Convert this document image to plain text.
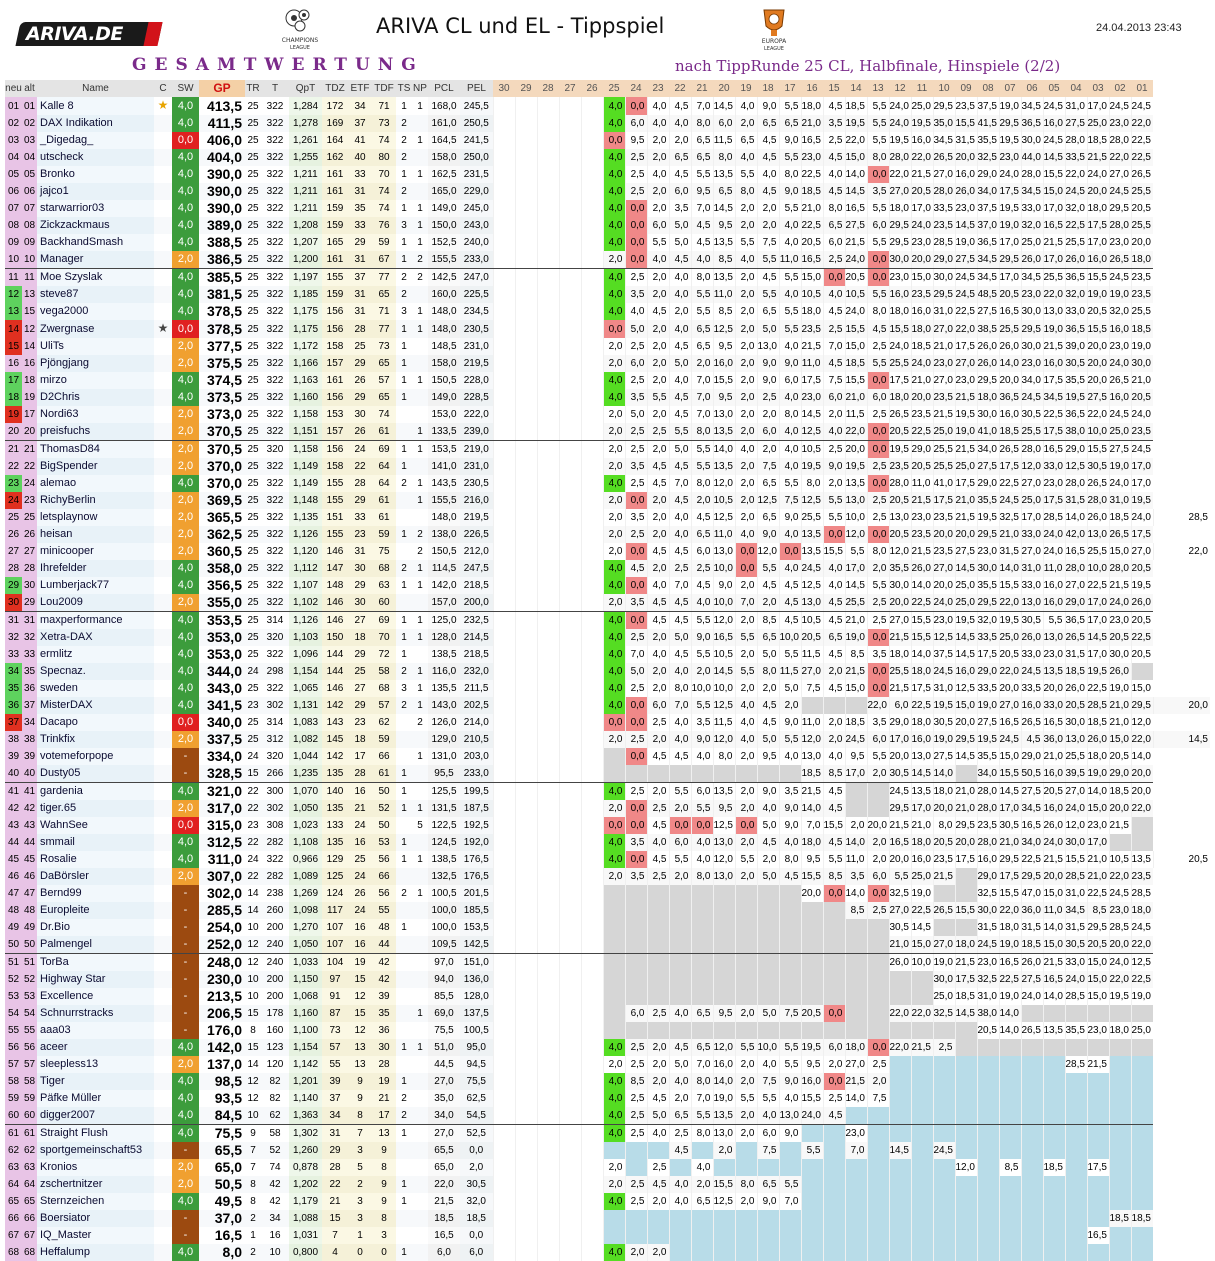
ARIVA.DE	CHAMPIONS
LEAGUE
ARIVA CL und EL - Tippspiel
EUROPA
LEAGUE
24.04.2013 23:43
GESAMTWERTUNG	nach TippRunde 25 CL, Halbfinale, Hinspiele (2/2)
neu	alt	Name	C	SW	GP	TR	T	QpT	TDZ	ETF	TDF	TS	NP	PCL	PEL	30	29	28	27	26	25	24	23	22	21	20	19	18	17	16	15	14	13	12	11	10	09	08	07	06	05	04	03	02	01	
01	01	Kalle 8	★	4,0	413,5	25	322	1,284	172	34	71	1	1	168,0	245,5						4,0	0,0	4,0	4,5	7,0	14,5	4,0	9,0	5,5	18,0	4,5	18,5	5,5	24,0	25,0	29,5	23,5	37,5	19,0	34,5	24,5	31,0	17,0	24,5	24,5	
02	02	DAX Indikation		4,0	411,5	25	322	1,278	169	37	73	2		161,0	250,5						4,0	6,0	4,0	4,0	8,0	6,0	2,0	6,5	6,5	21,0	3,5	19,5	5,5	24,0	19,5	35,0	15,5	41,5	29,5	36,5	16,0	27,5	25,0	23,0	22,0	
03	03	_Digedag_		0,0	406,0	25	322	1,261	164	41	74	2	1	164,5	241,5						0,0	9,5	2,0	2,0	6,5	11,5	6,5	4,5	9,0	16,5	2,5	22,0	5,5	19,5	16,0	34,5	31,5	35,5	19,5	30,0	24,5	28,0	18,5	28,0	22,5	
04	04	utscheck		4,0	404,0	25	322	1,255	162	40	80	2		158,0	250,0						4,0	2,5	2,0	6,5	6,5	8,0	4,0	4,5	5,5	23,0	4,5	15,0	8,0	28,0	22,0	26,5	20,0	32,5	23,0	44,0	14,5	33,5	21,5	22,0	22,5	
05	05	Bronko		4,0	390,0	25	322	1,211	161	33	70	1	1	162,5	231,5						4,0	2,5	4,0	4,5	5,5	13,5	5,5	4,0	8,0	22,5	4,0	14,0	0,0	22,0	21,5	27,0	16,0	29,0	24,0	28,0	15,5	22,0	24,0	27,0	26,5	
06	06	jajco1		4,0	390,0	25	322	1,211	161	31	74	2		165,0	229,0						4,0	2,5	2,0	6,0	9,5	6,5	8,0	4,5	9,0	18,5	4,5	14,5	3,5	27,0	20,5	28,0	26,0	34,0	17,5	34,5	15,0	24,5	20,0	24,5	25,5	
07	07	starwarrior03		4,0	390,0	25	322	1,211	159	35	74	1	1	149,0	245,0						4,0	0,0	2,0	3,5	7,0	14,5	2,0	2,0	5,5	21,0	8,0	16,5	5,5	18,0	17,0	33,5	23,0	37,5	19,5	33,0	17,0	32,0	18,0	29,5	20,5	
08	08	Zickzackmaus		4,0	389,0	25	322	1,208	159	33	76	3	1	150,0	243,0						4,0	0,0	6,0	5,0	4,5	9,5	2,0	2,0	4,0	22,5	6,5	27,5	6,0	29,5	24,0	23,5	14,5	37,0	19,0	32,0	16,5	22,5	17,5	28,0	25,5	
09	09	BackhandSmash		4,0	388,5	25	322	1,207	165	29	59	1	1	152,5	240,0						4,0	0,0	5,5	5,0	4,5	13,5	5,5	7,5	4,0	20,5	6,0	21,5	5,5	29,5	23,0	28,5	19,0	36,5	17,0	25,0	21,5	25,5	17,0	23,0	20,0	
10	10	Manager		2,0	386,5	25	322	1,200	161	31	67	1	2	155,5	233,0						2,0	0,0	4,0	4,5	4,0	8,5	4,0	5,5	11,0	16,5	2,5	24,0	0,0	30,0	20,0	29,0	27,5	34,5	29,5	26,0	17,0	26,0	16,0	26,5	18,0	
11	11	Moe Szyslak		4,0	385,5	25	322	1,197	155	37	77	2	2	142,5	247,0						4,0	2,5	2,0	4,0	8,0	13,5	2,0	4,5	5,5	15,0	0,0	20,5	0,0	23,0	15,0	30,0	24,5	34,5	17,0	34,5	25,5	36,5	15,5	24,5	23,5	
12	13	steve87		4,0	381,5	25	322	1,185	159	31	65	2		160,0	225,5						4,0	3,5	2,0	4,0	5,5	11,0	2,0	5,5	4,0	10,5	4,0	10,5	5,5	16,0	23,5	29,5	24,5	48,5	20,5	23,0	22,0	32,0	19,0	19,0	23,5	
13	15	vega2000		4,0	378,5	25	322	1,175	156	31	71	3	1	148,0	234,5						4,0	4,0	4,5	2,0	5,5	8,5	2,0	6,5	5,5	18,0	4,5	24,0	8,0	18,0	16,0	31,0	22,5	27,5	16,5	30,0	13,0	33,0	20,5	32,0	25,5	
14	12	Zwergnase	★	0,0	378,5	25	322	1,175	156	28	77	1	1	148,0	230,5						0,0	5,0	2,0	4,0	6,5	12,5	2,0	5,0	5,5	23,5	2,5	15,5	4,5	15,5	18,0	27,0	22,0	38,5	25,5	29,5	19,0	36,5	15,5	16,0	18,5	
15	14	UliTs		2,0	377,5	25	322	1,172	158	25	73	1		148,5	231,0						2,0	2,5	2,0	4,5	6,5	9,5	2,0	13,0	4,0	21,5	7,0	15,0	2,5	24,0	18,5	21,0	17,5	26,0	26,0	30,0	21,5	39,0	20,0	23,0	19,0	
16	16	Pjöngjang		2,0	375,5	25	322	1,166	157	29	65	1		158,0	219,5						2,0	6,0	2,0	5,0	2,0	16,0	2,0	9,0	9,0	11,0	4,5	18,5	5,5	25,5	24,0	23,0	27,0	26,0	14,0	23,0	16,0	30,5	20,0	24,0	30,0	
17	18	mirzo		4,0	374,5	25	322	1,163	161	26	57	1	1	150,5	228,0						4,0	2,5	2,0	4,0	7,0	15,5	2,0	9,0	6,0	17,5	7,5	15,5	0,0	17,5	21,0	27,0	23,0	29,5	20,0	34,0	17,5	35,5	20,0	26,5	21,0	
18	19	D2Chris		4,0	373,5	25	322	1,160	156	29	65	1		149,0	228,5						4,0	3,5	5,5	4,5	7,0	9,5	2,0	2,5	4,0	23,0	6,0	21,0	6,0	18,0	20,0	23,5	21,5	18,0	36,5	24,5	34,5	19,5	27,5	16,0	20,5	
19	17	Nordi63		2,0	373,0	25	322	1,158	153	30	74			153,0	222,0						2,0	5,0	2,0	4,5	7,0	13,0	2,0	2,0	8,0	14,5	2,0	11,5	2,5	26,5	23,5	21,5	19,5	30,0	16,0	30,5	22,5	36,5	22,0	24,5	24,0	
20	20	preisfuchs		2,0	370,5	25	322	1,151	157	26	61		1	133,5	239,0						2,0	2,5	2,5	5,5	8,0	13,5	2,0	6,0	4,0	12,5	4,0	22,0	0,0	20,5	22,5	25,0	19,0	41,0	18,5	25,5	17,5	38,0	10,0	25,0	23,5	
21	21	ThomasD84		2,0	370,5	25	320	1,158	156	24	69	1	1	153,5	219,0						2,0	2,5	2,0	5,0	5,5	14,0	4,0	2,0	4,0	10,5	2,5	20,0	0,0	19,5	29,0	25,5	21,5	34,0	26,5	28,0	16,5	29,0	15,5	27,5	24,5	
22	22	BigSpender		2,0	370,0	25	322	1,149	158	22	64	1		141,0	231,0						2,0	3,5	4,5	4,5	5,5	13,5	2,0	7,5	4,0	19,5	9,0	19,5	2,5	23,5	20,5	25,5	25,0	27,5	17,5	12,0	33,0	12,5	30,5	19,0	17,0	
23	24	alemao		4,0	370,0	25	322	1,149	155	28	64	2	1	143,5	230,5						4,0	2,5	4,5	7,0	8,0	12,0	2,0	6,5	5,5	8,0	2,0	13,5	0,0	28,0	11,0	41,0	17,5	29,0	22,5	27,0	23,0	28,0	26,5	24,0	17,0	
24	23	RichyBerlin		2,0	369,5	25	322	1,148	155	29	61		1	155,5	216,0						2,0	0,0	2,0	4,5	2,0	10,5	2,0	12,5	7,5	12,5	5,5	13,0	2,5	20,5	21,5	17,5	21,0	35,5	24,5	25,0	17,5	31,5	28,0	31,0	19,5	
25	25	letsplaynow		2,0	365,5	25	322	1,135	151	33	61			148,0	219,5						2,0	3,5	2,0	4,0	4,5	12,5	2,0	6,5	9,0	25,5	5,5	10,0	2,5	13,0	23,0	23,5	21,5	19,5	32,5	17,0	28,5	14,0	26,0	18,5	24,0	28,5
26	26	heisan		2,0	362,5	25	322	1,126	155	23	59	1	2	138,0	226,5						2,0	2,5	2,0	4,0	6,5	11,0	4,0	9,0	4,0	13,5	0,0	12,0	0,0	20,5	23,5	20,0	20,0	29,5	21,0	33,0	24,0	42,0	13,0	26,5	17,5	
27	27	minicooper		2,0	360,5	25	322	1,120	146	31	75		2	150,5	212,0						2,0	0,0	4,5	4,5	6,0	13,0	0,0	12,0	0,0	13,5	15,5	5,5	8,0	12,0	21,5	23,5	27,5	23,0	31,5	27,0	24,0	16,5	25,5	15,0	27,0	22,0
28	28	Ihrefelder		4,0	358,0	25	322	1,112	147	30	68	2	1	114,5	247,5						4,0	4,5	2,0	2,5	2,5	10,0	0,0	5,5	4,0	24,5	4,0	17,0	2,0	35,5	26,0	27,0	14,5	30,0	14,0	31,0	11,0	28,0	10,0	28,0	20,5	
29	30	Lumberjack77		4,0	356,5	25	322	1,107	148	29	63	1	1	142,0	218,5						4,0	0,0	4,0	7,0	4,5	9,0	2,0	4,5	4,5	12,5	4,0	14,5	5,5	30,0	14,0	20,0	25,0	35,5	15,5	33,0	16,0	27,0	22,5	21,5	19,5	
30	29	Lou2009		2,0	355,0	25	322	1,102	146	30	60			157,0	200,0						2,0	3,5	4,5	4,5	4,0	10,0	7,0	2,0	4,5	13,0	4,5	25,5	2,5	20,0	22,5	24,0	25,0	29,5	22,0	13,0	16,0	29,0	17,0	24,0	26,0	
31	31	maxperformance		4,0	353,5	25	314	1,126	146	27	69	1	1	125,0	232,5						4,0	0,0	4,5	4,5	5,5	12,0	2,0	8,5	4,5	10,5	4,5	21,0	2,5	27,0	15,5	23,0	19,5	32,0	19,5	30,5	5,5	36,5	17,0	23,0	20,5	
32	32	Xetra-DAX		4,0	353,0	25	320	1,103	150	18	70	1	1	128,0	214,5						4,0	2,5	2,0	5,0	9,0	16,5	5,5	6,5	10,0	20,5	6,5	19,0	0,0	21,5	15,5	12,5	14,5	33,5	25,0	26,0	13,0	26,5	14,5	20,5	22,5	
33	33	ermlitz		4,0	353,0	25	322	1,096	144	29	72	1		138,5	218,5						4,0	7,0	4,0	4,5	5,5	10,5	2,0	5,0	5,5	11,5	4,5	8,5	3,5	18,0	14,0	37,5	14,5	17,5	20,5	33,0	23,0	31,5	17,0	30,0	20,5	
34	35	Specnaz.		4,0	344,0	24	298	1,154	144	25	58	2	1	116,0	232,0						4,0	5,0	2,0	4,0	2,0	14,5	5,5	8,0	11,5	27,0	2,0	21,5	0,0	25,5	18,0	24,5	16,0	29,0	22,0	24,5	13,5	18,5	19,5	26,0		
35	36	sweden		4,0	343,0	25	322	1,065	146	27	68	3	1	135,5	211,5						4,0	2,5	2,0	8,0	10,0	10,0	2,0	2,0	5,0	7,5	4,5	15,0	0,0	21,5	17,5	31,0	12,5	33,5	20,0	33,5	20,0	26,0	22,5	19,0	15,0	
36	37	MisterDAX		4,0	341,5	23	302	1,131	142	29	57	2	1	143,0	202,5						4,0	0,0	6,0	7,0	5,5	12,5	4,0	4,5	2,0				22,0	6,0	22,5	19,5	15,0	19,0	27,0	16,0	33,0	20,5	28,5	21,0	29,5	20,0
37	34	Dacapo		0,0	340,0	25	314	1,083	143	23	62		2	126,0	214,0						0,0	0,0	2,5	4,0	3,5	11,5	4,0	4,5	9,0	11,0	2,0	18,5	3,5	29,0	18,0	30,5	20,0	27,5	16,5	26,5	16,5	30,0	18,5	21,0	12,0	
38	38	Trinkfix		2,0	337,5	25	312	1,082	145	18	59			129,0	210,5						2,0	2,5	2,0	4,0	9,0	12,0	4,0	5,0	5,5	12,0	2,0	24,5	6,0	17,0	16,0	19,0	29,5	19,5	24,5	4,5	36,0	13,0	26,0	15,0	22,0	14,5
39	39	votemeforpope		-	334,0	24	320	1,044	142	17	66		1	131,0	203,0							0,0	4,5	4,5	4,0	8,0	2,0	9,5	4,0	13,0	4,0	9,5	5,5	20,0	13,0	27,5	14,5	35,5	15,0	29,0	21,0	25,5	18,0	20,5	14,0	
40	40	Dusty05		-	328,5	15	266	1,235	135	28	61	1		95,5	233,0															18,5	8,5	17,0	2,0	30,5	14,5	14,0		34,0	15,5	50,5	16,0	39,5	19,0	29,0	20,0	
41	41	gardenia		4,0	321,0	22	300	1,070	140	16	50	1		125,5	199,5						4,0	2,5	2,0	5,5	6,0	13,5	2,0	9,0	3,5	21,5	4,5			24,5	13,5	18,0	21,0	28,0	14,5	27,5	20,5	27,0	14,0	18,5	20,0	
42	42	tiger.65		2,0	317,0	22	302	1,050	135	21	52	1	1	131,5	187,5						2,0	0,0	2,5	2,0	5,5	9,5	2,0	4,0	9,0	14,0	4,5			29,5	17,0	20,0	21,0	28,0	17,0	34,5	16,0	24,0	15,0	20,0	22,0	
43	43	WahnSee		0,0	315,0	23	308	1,023	133	24	50		5	122,5	192,5						0,0	0,0	4,5	0,0	0,0	12,5	0,0	5,0	9,0	7,0	15,5	2,0	20,0	21,5	21,0	8,0	29,5	23,5	30,5	16,5	26,0	12,0	23,0	21,5		
44	44	smmail		4,0	312,5	22	282	1,108	135	16	53	1		124,5	192,0						4,0	3,5	4,0	6,0	4,0	13,0	2,0	4,5	4,0	18,0	4,5	14,0	2,0	16,5	18,0	20,5	20,0	28,0	21,0	34,0	24,0	30,0	17,0			
45	45	Rosalie		4,0	311,0	24	322	0,966	129	25	56	1	1	138,5	176,5						4,0	0,0	4,5	5,5	4,0	12,0	5,5	2,0	8,0	9,5	5,5	11,0	2,0	20,0	16,0	23,5	17,5	16,0	29,5	22,5	21,5	15,5	21,0	10,5	13,5	20,5
46	46	DaBörsler		2,0	307,0	22	282	1,089	125	24	66			132,5	176,5						2,0	3,5	2,5	2,0	8,0	13,0	2,0	5,0	4,5	15,5	8,5	3,5	6,0	5,5	25,0	21,5		29,0	17,5	29,5	20,0	28,5	21,0	22,0	23,5	
47	47	Bernd99		-	302,0	14	238	1,269	124	26	56	2	1	100,5	201,5															20,0	0,0	14,0	0,0	32,5	19,0			32,5	15,5	47,0	15,0	31,0	22,5	24,5	28,5	
48	48	Europleite		-	285,5	14	260	1,098	117	24	55			100,0	185,5																	8,5	2,5	27,0	22,5	26,5	15,5	30,0	22,0	36,0	11,0	34,5	8,5	23,0	18,0	
49	49	Dr.Bio		-	254,0	10	200	1,270	107	16	48	1		100,0	153,5																			30,5	14,5			31,5	18,0	31,5	14,0	31,5	29,5	28,5	24,5	
50	50	Palmengel		-	252,0	12	240	1,050	107	16	44			109,5	142,5																			21,0	15,0	27,0	18,0	24,5	19,0	18,5	15,0	30,5	20,5	20,0	22,0	
51	51	TorBa		-	248,0	12	240	1,033	104	19	42			97,0	151,0																			26,0	10,0	19,0	21,5	23,0	16,5	26,0	21,5	33,0	15,0	24,0	12,5	
52	52	Highway Star		-	230,0	10	200	1,150	97	15	42			94,0	136,0																					30,0	17,5	32,5	22,5	27,5	16,5	24,0	15,0	22,0	22,5	
53	53	Excellence		-	213,5	10	200	1,068	91	12	39			85,5	128,0																					25,0	18,5	31,0	19,0	24,0	14,0	28,5	15,0	19,5	19,0	
54	54	Schnurrstracks		-	206,5	15	178	1,160	87	15	35		1	69,0	137,5							6,0	2,5	4,0	6,5	9,5	2,0	5,0	7,5	20,5	0,0			22,0	22,0	32,5	14,5	38,0	14,0							
55	55	aaa03		-	176,0	8	160	1,100	73	12	36			75,5	100,5																							20,5	14,0	26,5	13,5	35,5	23,0	18,0	25,0	
56	56	aceer		4,0	142,0	15	123	1,154	57	13	30	1	1	51,0	95,0						4,0	2,5	2,0	4,5	6,5	12,0	5,5	10,0	5,5	19,5	6,0	18,0	0,0	22,0	21,5	2,5										
57	57	sleepless13		2,0	137,0	14	120	1,142	55	13	28			44,5	94,5						2,0	2,5	2,0	5,0	7,0	16,0	2,0	4,0	5,5	9,5	2,0	27,0	2,5									28,5	21,5			
58	58	Tiger		4,0	98,5	12	82	1,201	39	9	19	1		27,0	75,5						4,0	8,5	2,0	4,0	8,0	14,0	2,0	7,5	9,0	16,0	0,0	21,5	2,0													
59	59	Päfke Müller		4,0	93,5	12	82	1,140	37	9	21	2		35,0	62,5						4,0	2,5	4,5	2,0	7,0	19,0	5,5	5,5	4,0	15,5	2,5	14,0	7,5													
60	60	digger2007		4,0	84,5	10	62	1,363	34	8	17	2		34,0	54,5						4,0	2,5	5,0	6,5	5,5	13,5	2,0	4,0	13,0	24,0	4,5															
61	61	Straight Flush		4,0	75,5	9	58	1,302	31	7	13	1		27,0	52,5						4,0	2,5	4,0	2,5	8,0	13,0	2,0	6,0	9,0			23,0														
62	62	sportgemeinschaft53		-	65,5	7	52	1,260	29	3	9			65,5	0,0									4,5		2,0		7,5		5,5		7,0		14,5		24,5										
63	63	Kronios		2,0	65,0	7	74	0,878	28	5	8			65,0	2,0						2,0		2,5		4,0												12,0		8,5		18,5		17,5			
64	64	zschertnitzer		2,0	50,5	8	42	1,202	22	2	9	1		22,0	30,5						2,0	2,5	4,5	4,0	2,0	15,5	8,0	6,5	5,5																	
65	65	Sternzeichen		4,0	49,5	8	42	1,179	21	3	9	1		21,5	32,0						4,0	2,5	2,0	4,0	6,5	12,5	2,0	9,0	7,0																	
66	66	Boersiator		-	37,0	2	34	1,088	15	3	8			18,5	18,5																													18,5	18,5	
67	67	IQ_Master		-	16,5	1	16	1,031	7	1	3			16,5	0,0																												16,5			
68	68	Heffalump		4,0	8,0	2	10	0,800	4	0	0	1		6,0	6,0						4,0	2,0	2,0																							
